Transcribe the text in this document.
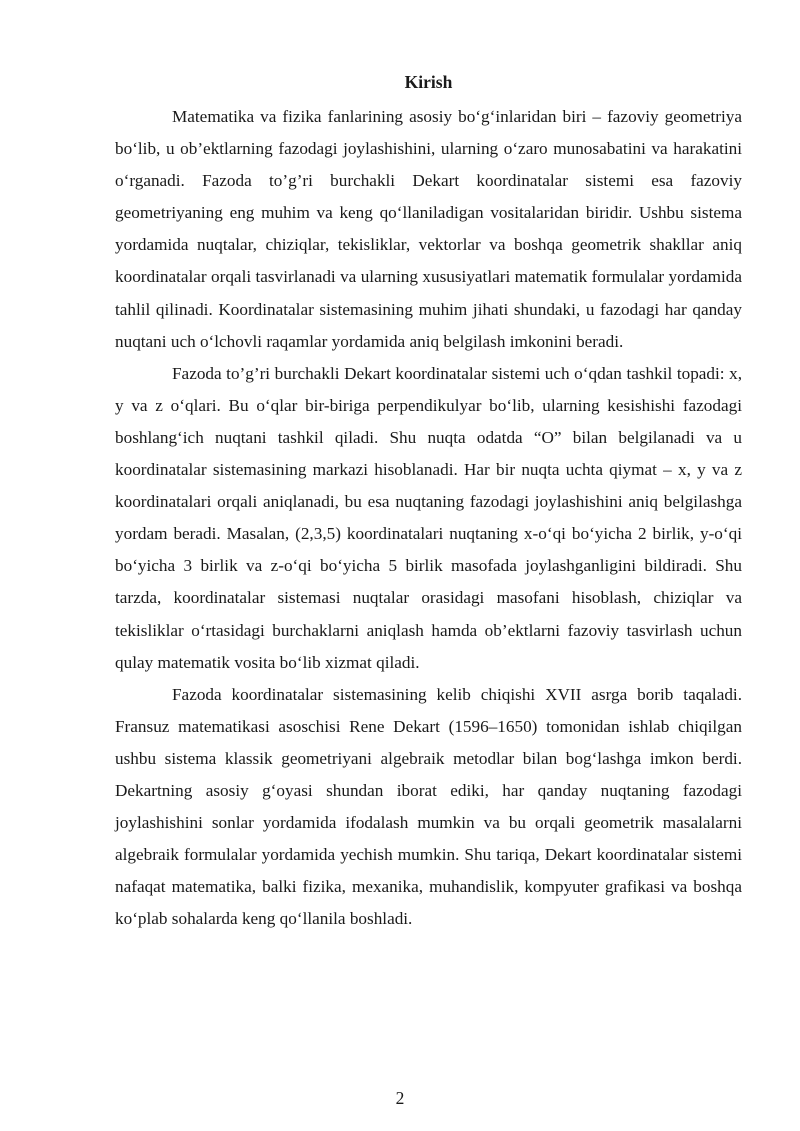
Kirish

Matematika va fizika fanlarining asosiy bo‘g‘inlaridan biri – fazoviy geometriya bo‘lib, u ob’ektlarning fazodagi joylashishini, ularning o‘zaro munosabatini va harakatini o‘rganadi. Fazoda to’g’ri burchakli Dekart koordinatalar sistemi esa fazoviy geometriyaning eng muhim va keng qo‘llaniladigan vositalaridan biridir. Ushbu sistema yordamida nuqtalar, chiziqlar, tekisliklar, vektorlar va boshqa geometrik shakllar aniq koordinatalar orqali tasvirlanadi va ularning xususiyatlari matematik formulalar yordamida tahlil qilinadi. Koordinatalar sistemasining muhim jihati shundaki, u fazodagi har qanday nuqtani uch o‘lchovli raqamlar yordamida aniq belgilash imkonini beradi.

Fazoda to’g’ri burchakli Dekart koordinatalar sistemi uch o‘qdan tashkil topadi: x, y va z o‘qlari. Bu o‘qlar bir-biriga perpendikulyar bo‘lib, ularning kesishishi fazodagi boshlang‘ich nuqtani tashkil qiladi. Shu nuqta odatda “O” bilan belgilanadi va u koordinatalar sistemasining markazi hisoblanadi. Har bir nuqta uchta qiymat – x, y va z koordinatalari orqali aniqlanadi, bu esa nuqtaning fazodagi joylashishini aniq belgilashga yordam beradi. Masalan, (2,3,5) koordinatalari nuqtaning x-o‘qi bo‘yicha 2 birlik, y-o‘qi bo‘yicha 3 birlik va z-o‘qi bo‘yicha 5 birlik masofada joylashganligini bildiradi. Shu tarzda, koordinatalar sistemasi nuqtalar orasidagi masofani hisoblash, chiziqlar va tekisliklar o‘rtasidagi burchaklarni aniqlash hamda ob’ektlarni fazoviy tasvirlash uchun qulay matematik vosita bo‘lib xizmat qiladi.

Fazoda koordinatalar sistemasining kelib chiqishi XVII asrga borib taqaladi. Fransuz matematikasi asoschisi Rene Dekart (1596–1650) tomonidan ishlab chiqilgan ushbu sistema klassik geometriyani algebraik metodlar bilan bog‘lashga imkon berdi. Dekartning asosiy g‘oyasi shundan iborat ediki, har qanday nuqtaning fazodagi joylashishini sonlar yordamida ifodalash mumkin va bu orqali geometrik masalalarni algebraik formulalar yordamida yechish mumkin. Shu tariqa, Dekart koordinatalar sistemi nafaqat matematika, balki fizika, mexanika, muhandislik, kompyuter grafikasi va boshqa ko‘plab sohalarda keng qo‘llanila boshladi.

2
